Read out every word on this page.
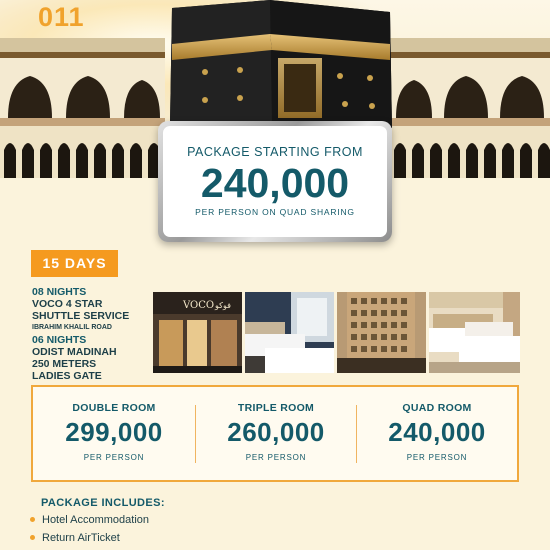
011
PACKAGE STARTING FROM
240,000
PER PERSON ON QUAD SHARING
15 DAYS
08 NIGHTS
VOCO 4 STAR
SHUTTLE SERVICE
IBRAHIM KHALIL ROAD
06 NIGHTS
ODIST MADINAH
250 METERS
LADIES GATE
VOCO فوكو
DOUBLE ROOM
299,000
PER PERSON
TRIPLE ROOM
260,000
PER PERSON
QUAD ROOM
240,000
PER PERSON
PACKAGE INCLUDES:
Hotel Accommodation
Return AirTicket
